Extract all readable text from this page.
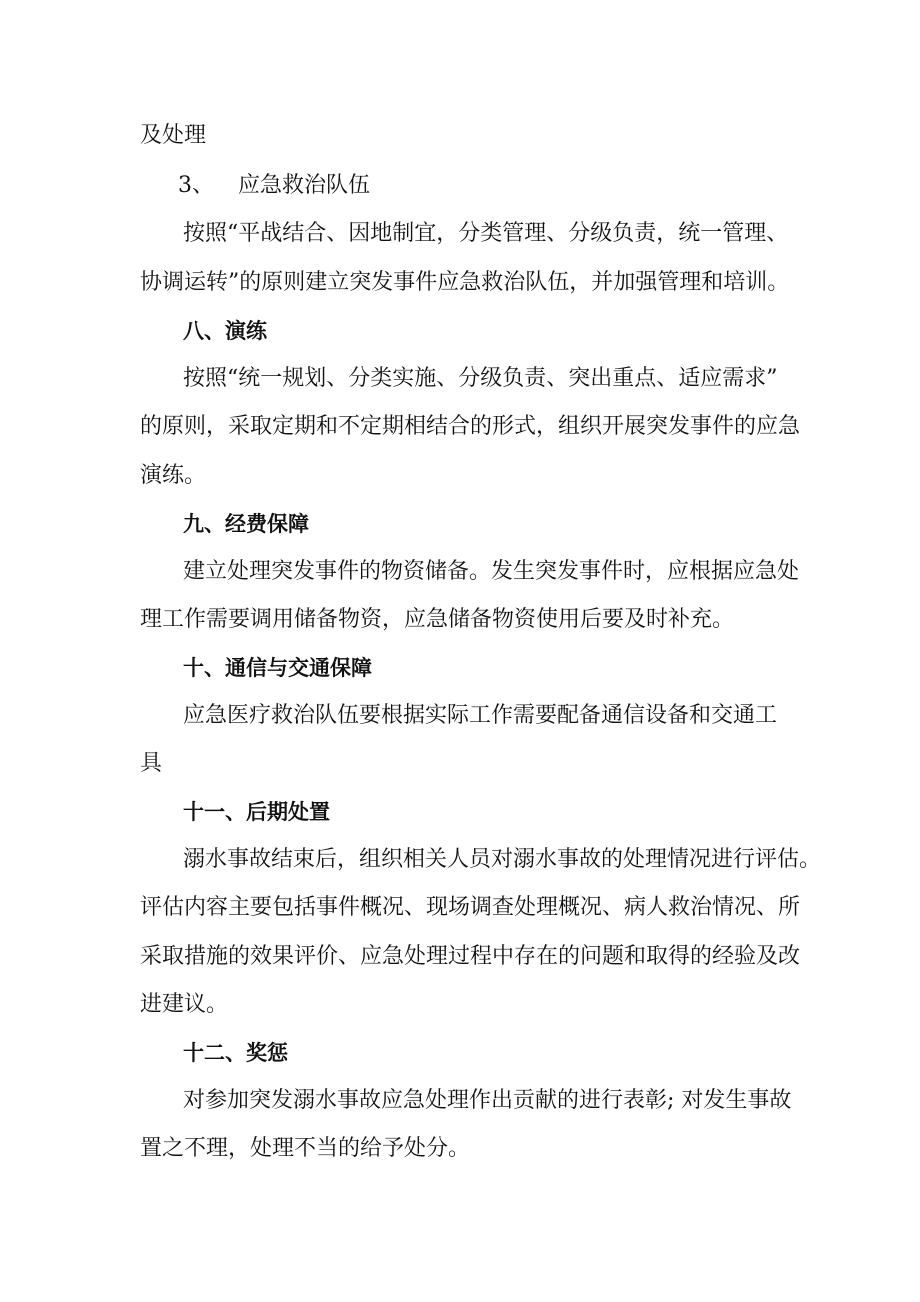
及处理
3、 应急救治队伍
按照“平战结合、因地制宜，分类管理、分级负责，统一管理、
协调运转”的原则建立突发事件应急救治队伍，并加强管理和培训。
八、演练
按照“统一规划、分类实施、分级负责、突出重点、适应需求”
的原则，采取定期和不定期相结合的形式，组织开展突发事件的应急
演练。
九、经费保障
建立处理突发事件的物资储备。发生突发事件时，应根据应急处
理工作需要调用储备物资，应急储备物资使用后要及时补充。
十、通信与交通保障
应急医疗救治队伍要根据实际工作需要配备通信设备和交通工
具
十一、后期处置
溺水事故结束后，组织相关人员对溺水事故的处理情况进行评估。
评估内容主要包括事件概况、现场调查处理概况、病人救治情况、所
采取措施的效果评价、应急处理过程中存在的问题和取得的经验及改
进建议。
十二、奖惩
对参加突发溺水事故应急处理作出贡献的进行表彰; 对发生事故
置之不理，处理不当的给予处分。
